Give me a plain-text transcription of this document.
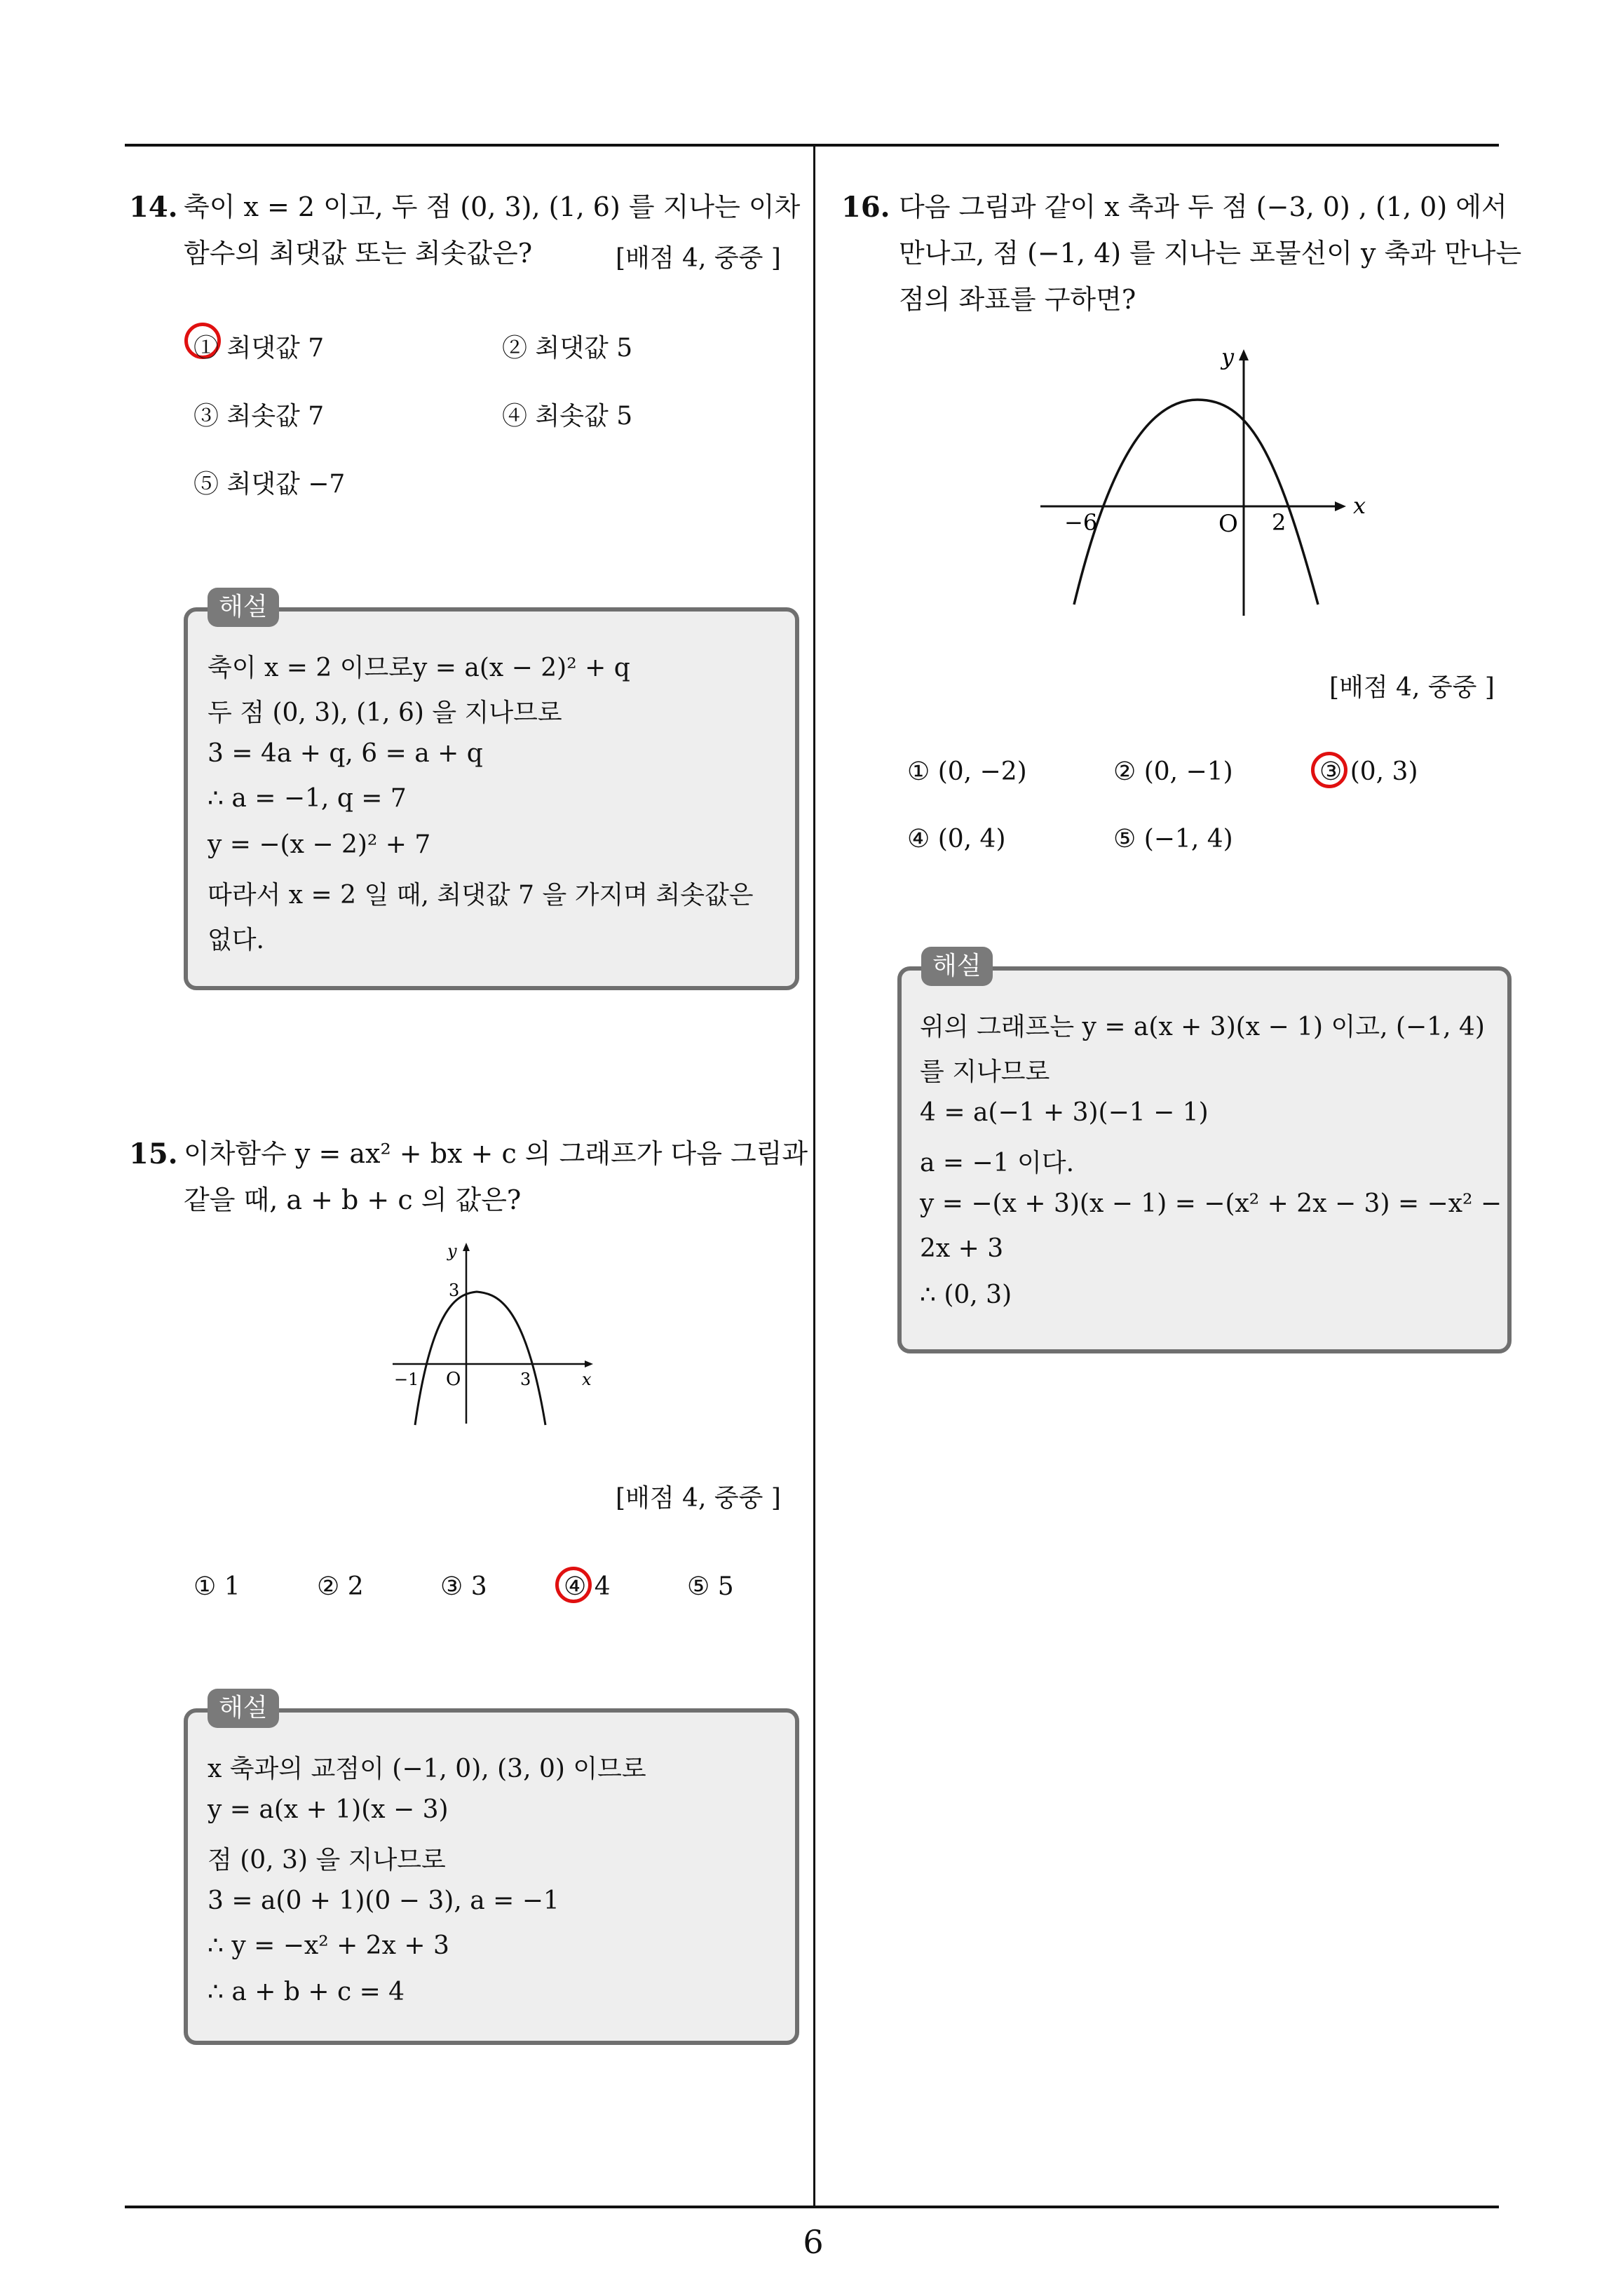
6
14. 축이 x = 2 이고, 두 점 (0, 3), (1, 6) 를 지나는 이차
함수의 최댓값 또는 최솟값은?	[배점 4, 중중 ]
① 최댓값 7	② 최댓값 5
③ 최솟값 7	④ 최솟값 5
⑤ 최댓값 −7
해설
축이 x = 2 이므로y = a(x − 2)² + q
두 점 (0, 3), (1, 6) 을 지나므로
3 = 4a + q, 6 = a + q
∴ a = −1, q = 7
y = −(x − 2)² + 7
따라서 x = 2 일 때, 최댓값 7 을 가지며 최솟값은
없다.
15. 이차함수 y = ax² + bx + c 의 그래프가 다음 그림과
같을 때, a + b + c 의 값은?
y
x
3
−1 O	3
[배점 4, 중중 ]
① 1	② 2	③ 3	④ 4	⑤ 5
해설
x 축과의 교점이 (−1, 0), (3, 0) 이므로
y = a(x + 1)(x − 3)
점 (0, 3) 을 지나므로
3 = a(0 + 1)(0 − 3), a = −1
∴ y = −x² + 2x + 3
∴ a + b + c = 4
16. 다음 그림과 같이 x 축과 두 점 (−3, 0) , (1, 0) 에서
만나고, 점 (−1, 4) 를 지나는 포물선이 y 축과 만나는
점의 좌표를 구하면?
y
x
−6	O 2
[배점 4, 중중 ]
① (0, −2)	② (0, −1)	③ (0, 3)
④ (0, 4)	⑤ (−1, 4)
해설
위의 그래프는 y = a(x + 3)(x − 1) 이고, (−1, 4)
를 지나므로
4 = a(−1 + 3)(−1 − 1)
a = −1 이다.
y = −(x + 3)(x − 1) = −(x² + 2x − 3) = −x² −
2x + 3
∴ (0, 3)
